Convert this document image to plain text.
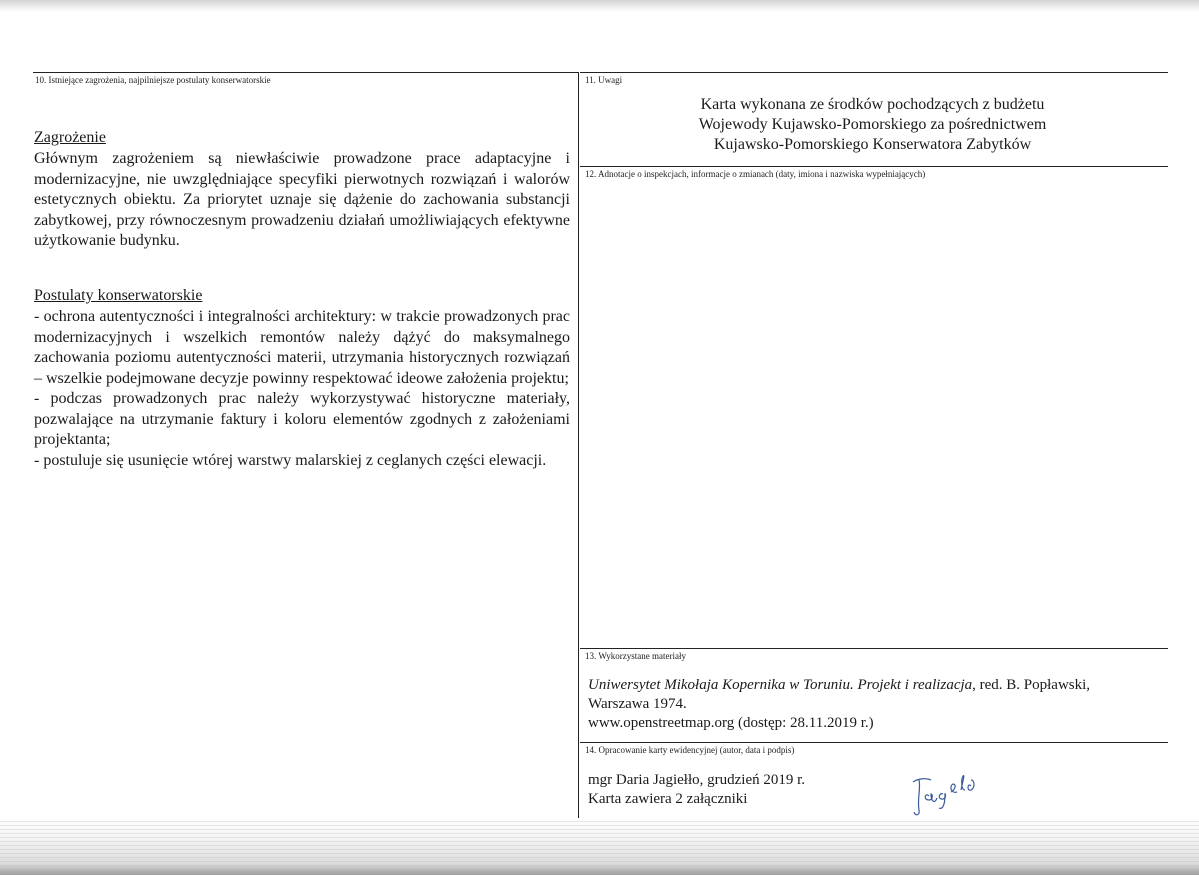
10. Istniejące zagrożenia, najpilniejsze postulaty konserwatorskie
Zagrożenie

Głównym zagrożeniem są niewłaściwie prowadzone prace adaptacyjne i modernizacyjne, nie uwzględniające specyfiki pierwotnych rozwiązań i walorów estetycznych obiektu. Za priorytet uznaje się dążenie do zachowania substancji zabytkowej, przy równoczesnym prowadzeniu działań umożliwiających efektywne użytkowanie budynku.

Postulaty konserwatorskie

- ochrona autentyczności i integralności architektury: w trakcie prowadzonych prac modernizacyjnych i wszelkich remontów należy dążyć do maksymalnego zachowania poziomu autentyczności materii, utrzymania historycznych rozwiązań – wszelkie podejmowane decyzje powinny respektować ideowe założenia projektu;

- podczas prowadzonych prac należy wykorzystywać historyczne materiały, pozwalające na utrzymanie faktury i koloru elementów zgodnych z założeniami projektanta;

- postuluje się usunięcie wtórej warstwy malarskiej z ceglanych części elewacji.

11. Uwagi
Karta wykonana ze środków pochodzących z budżetu
Wojewody Kujawsko-Pomorskiego za pośrednictwem
Kujawsko-Pomorskiego Konserwatora Zabytków
12. Adnotacje o inspekcjach, informacje o zmianach (daty, imiona i nazwiska wypełniających)
13. Wykorzystane materiały
Uniwersytet Mikołaja Kopernika w Toruniu. Projekt i realizacja, red. B. Popławski,
Warszawa 1974.
www.openstreetmap.org (dostęp: 28.11.2019 r.)
14. Opracowanie karty ewidencyjnej (autor, data i podpis)
mgr Daria Jagiełło, grudzień 2019 r.
Karta zawiera 2 załączniki
